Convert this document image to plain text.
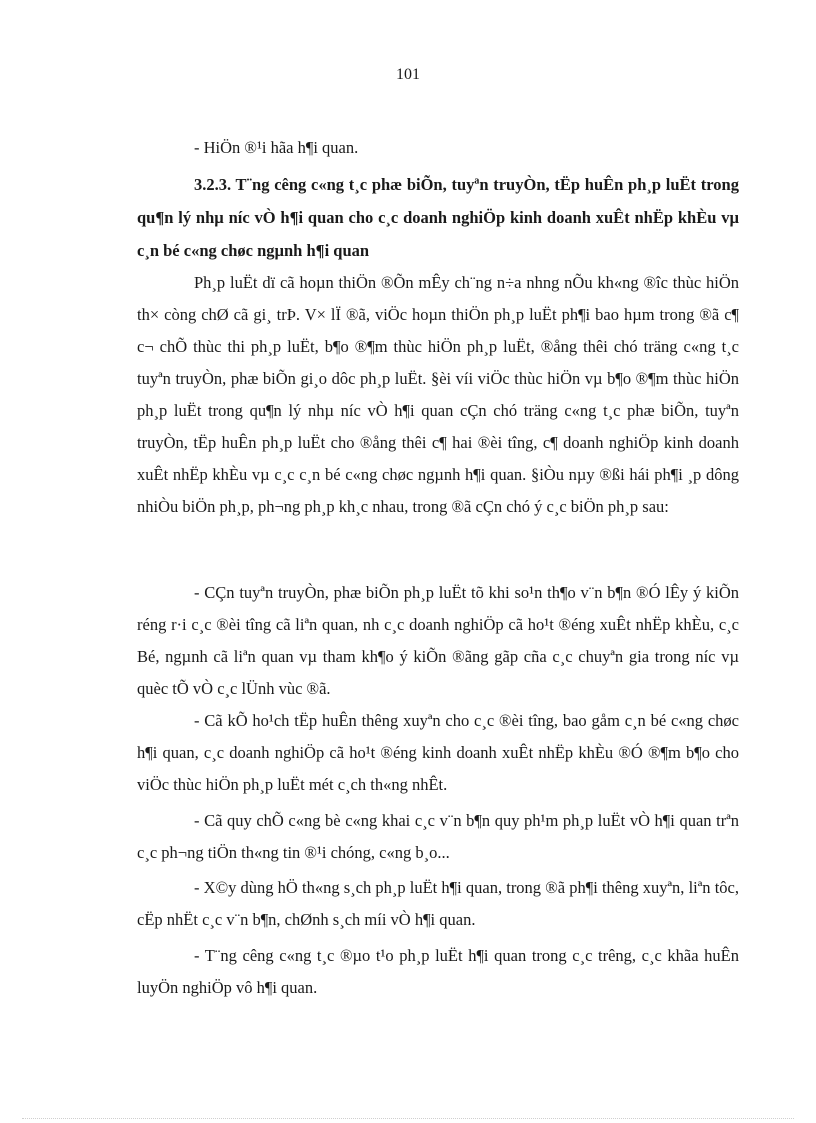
101

- HiÖn ®¹i hãa h¶i quan.

3.2.3. T¨ng cêng c«ng t¸c phæ biÕn, tuyªn truyÒn, tËp huÊn ph¸p luËt trong qu¶n lý nhµ níc vÒ h¶i quan cho c¸c doanh nghiÖp kinh doanh xuÊt nhËp khÈu vµ c¸n bé c«ng chøc ngµnh h¶i quan

Ph¸p luËt dï cã hoµn thiÖn ®Õn mÊy ch¨ng n÷a nhng nÕu kh«ng ®îc thùc hiÖn th× còng chØ cã gi¸ trÞ. V× lÏ ®ã, viÖc hoµn thiÖn ph¸p luËt ph¶i bao hµm trong ®ã c¶ c¬ chÕ thùc thi ph¸p luËt, b¶o ®¶m thùc hiÖn ph¸p luËt, ®ång thêi chó träng c«ng t¸c tuyªn truyÒn, phæ biÕn gi¸o dôc ph¸p luËt. §èi víi viÖc thùc hiÖn vµ b¶o ®¶m thùc hiÖn ph¸p luËt trong qu¶n lý nhµ níc vÒ h¶i quan cÇn chó träng c«ng t¸c phæ biÕn, tuyªn truyÒn, tËp huÊn ph¸p luËt cho ®ång thêi c¶ hai ®èi tîng, c¶ doanh nghiÖp kinh doanh xuÊt nhËp khÈu vµ c¸c c¸n bé c«ng chøc ngµnh h¶i quan. §iÒu nµy ®ßi hái ph¶i ¸p dông nhiÒu biÖn ph¸p, ph¬ng ph¸p kh¸c nhau, trong ®ã cÇn chó ý c¸c biÖn ph¸p sau:

- CÇn tuyªn truyÒn, phæ biÕn ph¸p luËt tõ khi so¹n th¶o v¨n b¶n ®Ó lÊy ý kiÕn réng r·i c¸c ®èi tîng cã liªn quan, nh c¸c doanh nghiÖp cã ho¹t ®éng xuÊt nhËp khÈu, c¸c Bé, ngµnh cã liªn quan vµ tham kh¶o ý kiÕn ®ãng gãp cña c¸c chuyªn gia trong níc vµ quèc tÕ vÒ c¸c lÜnh vùc ®ã.

- Cã kÕ ho¹ch tËp huÊn thêng xuyªn cho c¸c ®èi tîng, bao gåm c¸n bé c«ng chøc h¶i quan, c¸c doanh nghiÖp cã ho¹t ®éng kinh doanh xuÊt nhËp khÈu ®Ó ®¶m b¶o cho viÖc thùc hiÖn ph¸p luËt mét c¸ch th«ng nhÊt.

- Cã quy chÕ c«ng bè c«ng khai c¸c v¨n b¶n quy ph¹m ph¸p luËt vÒ h¶i quan trªn c¸c ph¬ng tiÖn th«ng tin ®¹i chóng, c«ng b¸o...

- X©y dùng hÖ th«ng s¸ch ph¸p luËt h¶i quan, trong ®ã ph¶i thêng xuyªn, liªn tôc, cËp nhËt c¸c v¨n b¶n, chØnh s¸ch míi vÒ h¶i quan.

- T¨ng cêng c«ng t¸c ®µo t¹o ph¸p luËt h¶i quan trong c¸c trêng, c¸c khãa huÊn luyÖn nghiÖp vô h¶i quan.
